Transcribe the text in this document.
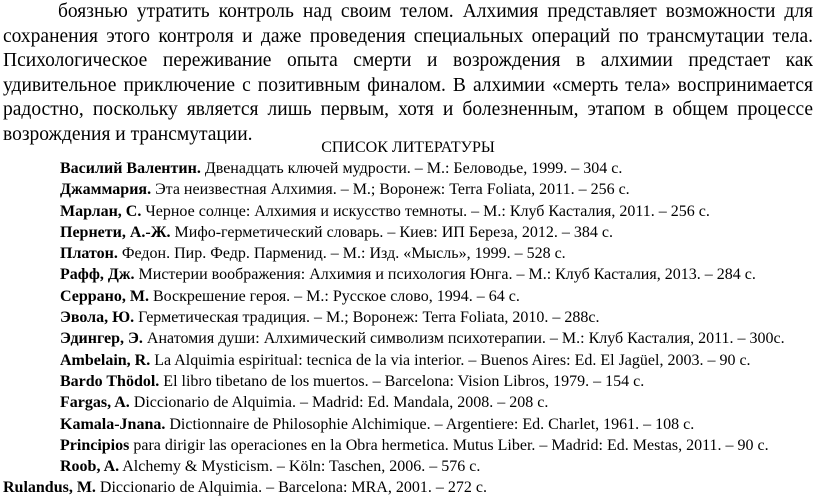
боязнью утратить контроль над своим телом. Алхимия представляет возможности для сохранения этого контроля и даже проведения специальных операций по трансмутации тела. Психологическое переживание опыта смерти и возрождения в алхимии предстает как удивительное приключение с позитивным финалом. В алхимии «смерть тела» воспринимается радостно, поскольку является лишь первым, хотя и болезненным, этапом в общем процессе возрождения и трансмутации.

СПИСОК ЛИТЕРАТУРЫ

Василий Валентин. Двенадцать ключей мудрости. – М.: Беловодье, 1999. – 304 с.

Джаммария. Эта неизвестная Алхимия. – М.; Воронеж: Terra Foliata, 2011. – 256 с.

Марлан, С. Черное солнце: Алхимия и искусство темноты. – М.: Клуб Касталия, 2011. – 256 с.

Пернети, А.-Ж. Мифо-герметический словарь. – Киев: ИП Береза, 2012. – 384 с.

Платон. Федон. Пир. Федр. Парменид. – М.: Изд. «Мысль», 1999. – 528 с.

Рафф, Дж. Мистерии воображения: Алхимия и психология Юнга. – М.: Клуб Касталия, 2013. – 284 с.

Серрано, М. Воскрешение героя. – М.: Русское слово, 1994. – 64 с.

Эвола, Ю. Герметическая традиция. – М.; Воронеж: Terra Foliata, 2010. – 288с.

Эдингер, Э. Анатомия души: Алхимический символизм психотерапии. – М.: Клуб Касталия, 2011. – 300с.

Ambelain, R. La Alquimia espiritual: tecnica de la via interior. – Buenos Aires: Ed. El Jagüel, 2003. – 90 с.

Bardo Thödol. El libro tibetano de los muertos. – Barcelona: Vision Libros, 1979. – 154 с.

Fargas, A. Diccionario de Alquimia. – Madrid: Ed. Mandala, 2008. – 208 с.

Kamala-Jnana. Dictionnaire de Philosophie Alchimique. – Argentiere: Ed. Charlet, 1961. – 108 с.

Principios para dirigir las operaciones en la Obra hermetica. Mutus Liber. – Madrid: Ed. Mestas, 2011. – 90 с.

Roob, A. Alchemy & Mysticism. – Köln: Taschen, 2006. – 576 с.

Rulandus, M. Diccionario de Alquimia. – Barcelona: MRA, 2001. – 272 с.
